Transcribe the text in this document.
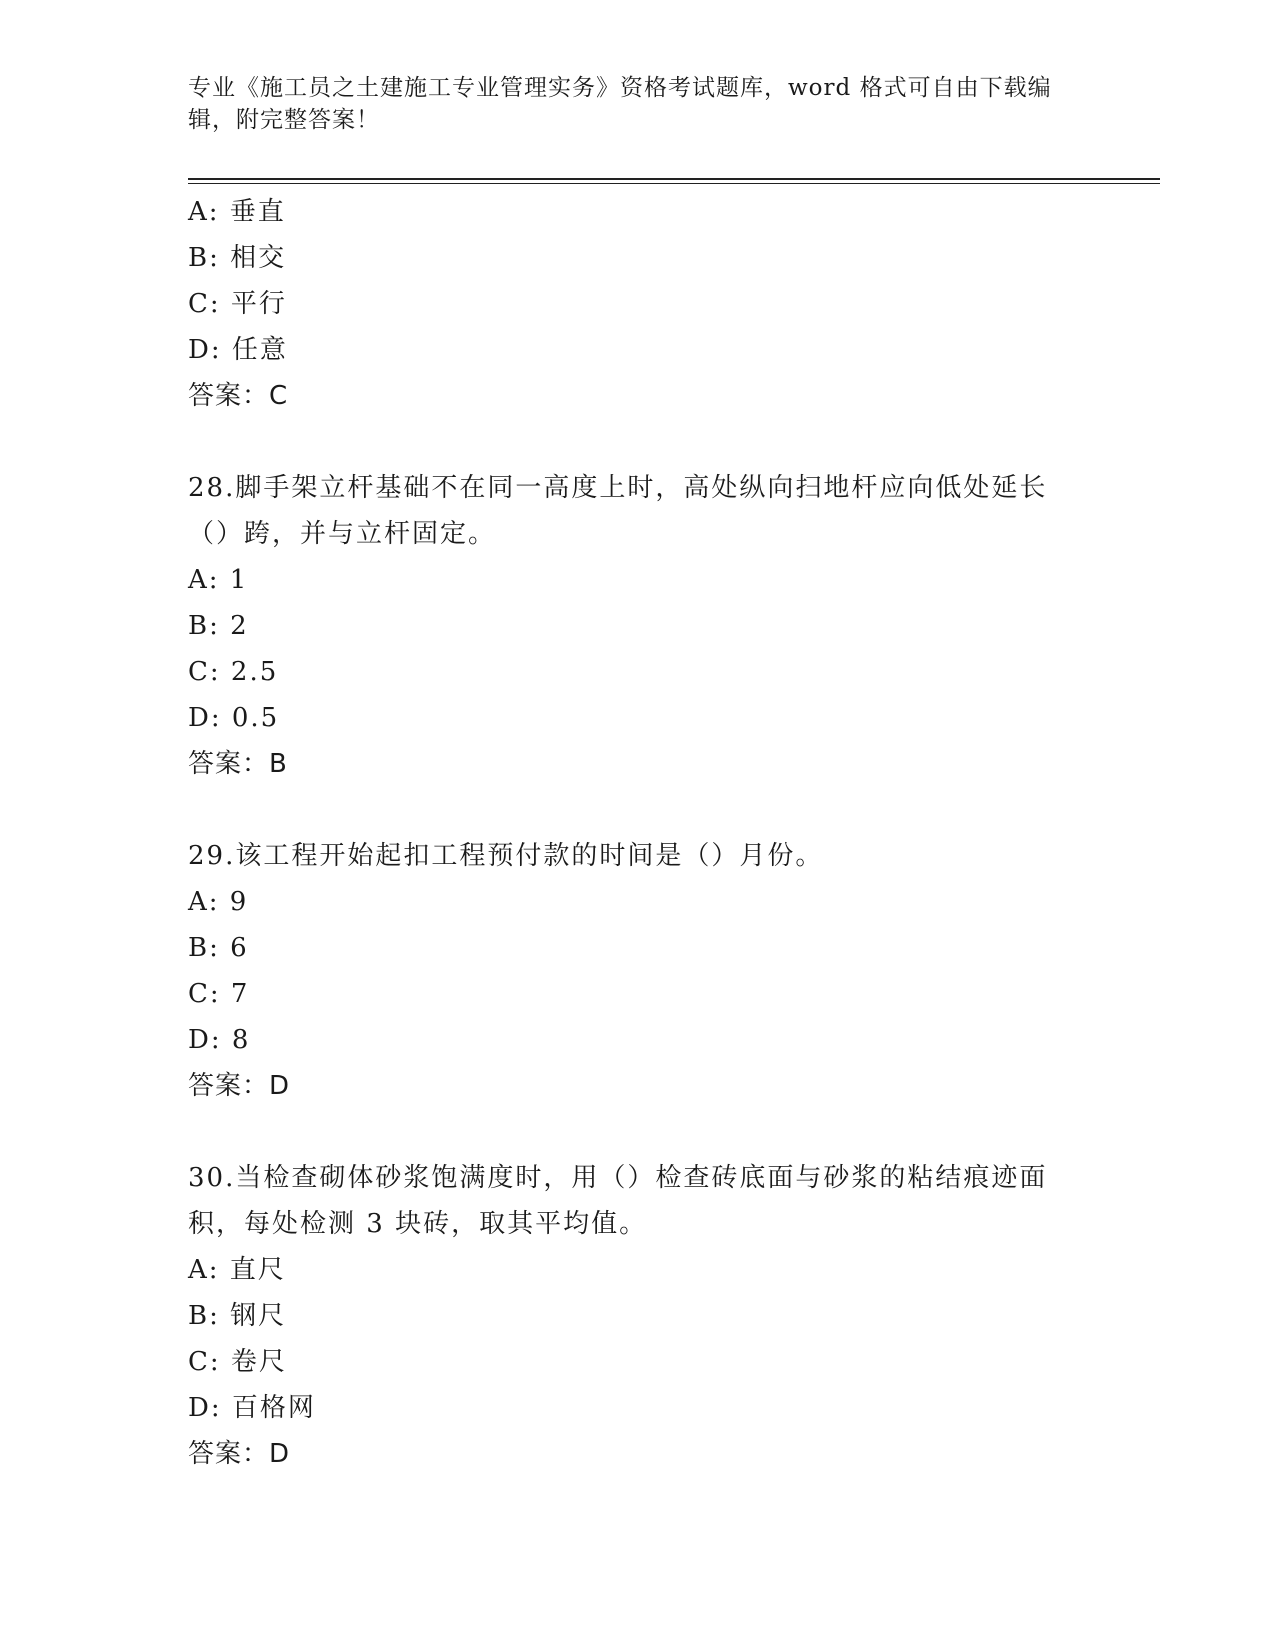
专业《施工员之土建施工专业管理实务》资格考试题库，word 格式可自由下载编辑，附完整答案！
A: 垂直
B: 相交
C: 平行
D: 任意
答案：C
28.脚手架立杆基础不在同一高度上时，高处纵向扫地杆应向低处延长
（）跨，并与立杆固定。
A: 1
B: 2
C: 2.5
D: 0.5
答案：B
29.该工程开始起扣工程预付款的时间是（）月份。
A: 9
B: 6
C: 7
D: 8
答案：D
30.当检查砌体砂浆饱满度时，用（）检查砖底面与砂浆的粘结痕迹面
积，每处检测 3 块砖，取其平均值。
A: 直尺
B: 钢尺
C: 卷尺
D: 百格网
答案：D
